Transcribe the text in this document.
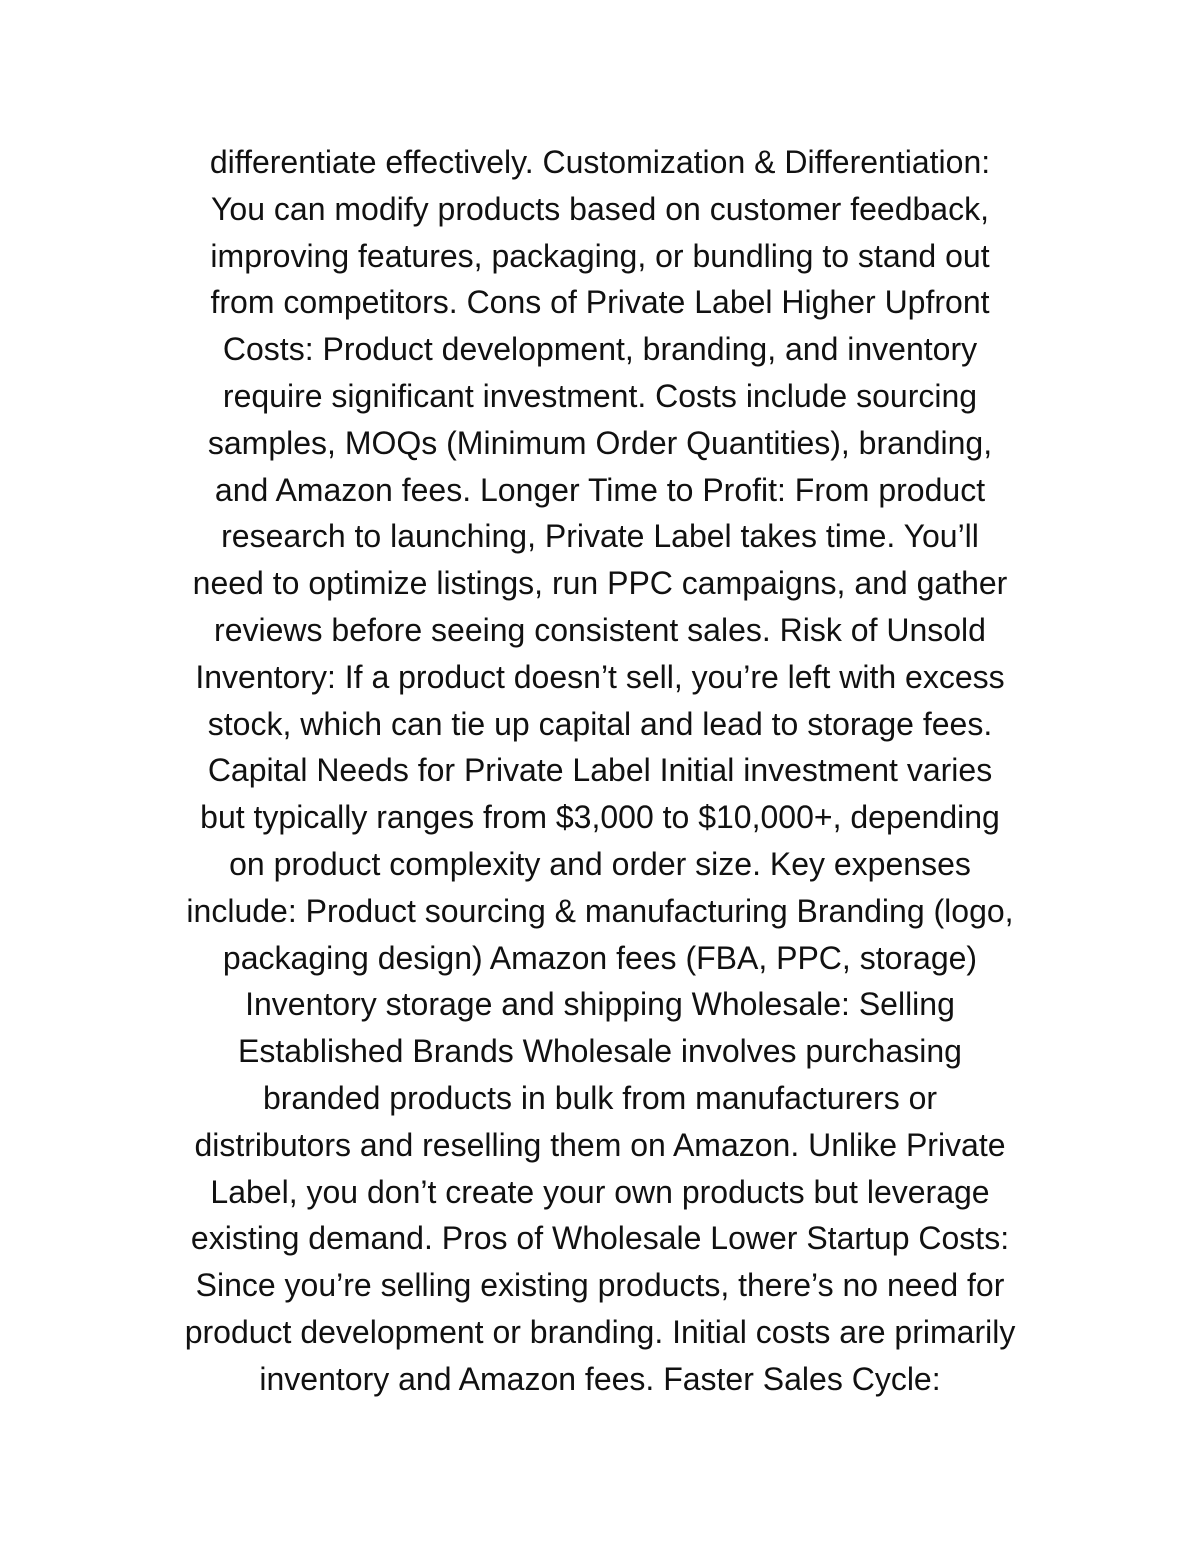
differentiate effectively. Customization & Differentiation:
You can modify products based on customer feedback,
improving features, packaging, or bundling to stand out
from competitors. Cons of Private Label Higher Upfront
Costs: Product development, branding, and inventory
require significant investment. Costs include sourcing
samples, MOQs (Minimum Order Quantities), branding,
and Amazon fees. Longer Time to Profit: From product
research to launching, Private Label takes time. You’ll
need to optimize listings, run PPC campaigns, and gather
reviews before seeing consistent sales. Risk of Unsold
Inventory: If a product doesn’t sell, you’re left with excess
stock, which can tie up capital and lead to storage fees.
Capital Needs for Private Label Initial investment varies
but typically ranges from $3,000 to $10,000+, depending
on product complexity and order size. Key expenses
include: Product sourcing & manufacturing Branding (logo,
packaging design) Amazon fees (FBA, PPC, storage)
Inventory storage and shipping Wholesale: Selling
Established Brands Wholesale involves purchasing
branded products in bulk from manufacturers or
distributors and reselling them on Amazon. Unlike Private
Label, you don’t create your own products but leverage
existing demand. Pros of Wholesale Lower Startup Costs:
Since you’re selling existing products, there’s no need for
product development or branding. Initial costs are primarily
inventory and Amazon fees. Faster Sales Cycle:
